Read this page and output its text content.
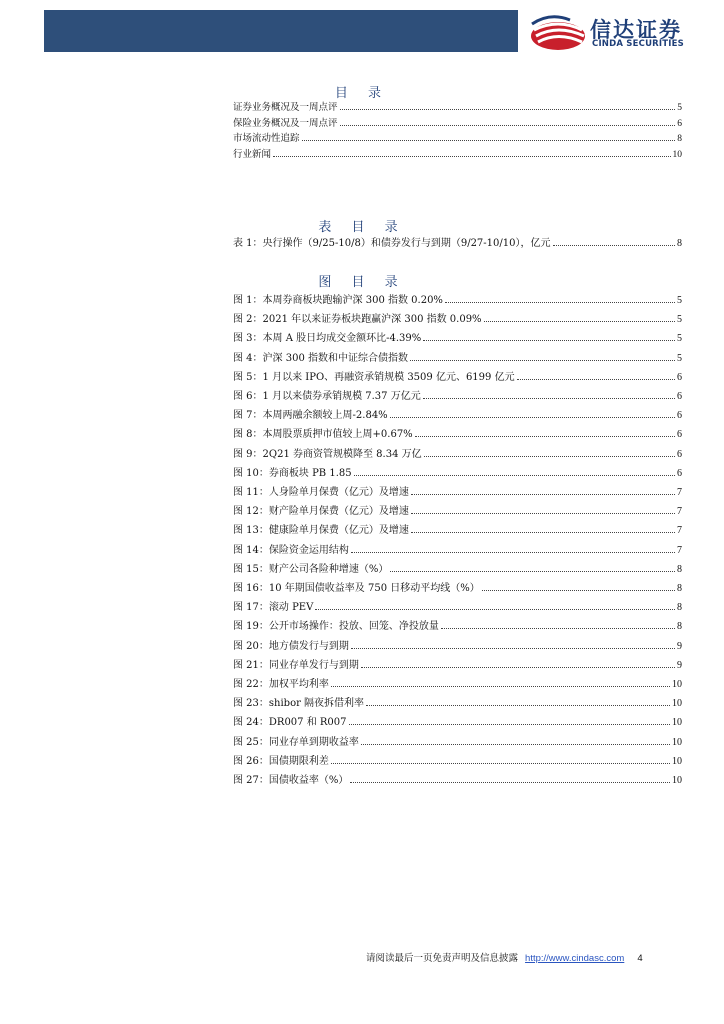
信达证券
CINDA SECURITIES
目 录
证券业务概况及一周点评	5
保险业务概况及一周点评	6
市场流动性追踪	8
行业新闻	10
表 目 录
表 1：央行操作（9/25-10/8）和债券发行与到期（9/27-10/10），亿元	8
图 目 录
图 1：本周券商板块跑输沪深 300 指数 0.20%	5
图 2：2021 年以来证券板块跑赢沪深 300 指数 0.09%	5
图 3：本周 A 股日均成交金额环比-4.39%	5
图 4：沪深 300 指数和中证综合债指数	5
图 5：1 月以来 IPO、再融资承销规模 3509 亿元、6199 亿元	6
图 6：1 月以来债券承销规模 7.37 万亿元	6
图 7：本周两融余额较上周-2.84%	6
图 8：本周股票质押市值较上周+0.67%	6
图 9：2Q21 券商资管规模降至 8.34 万亿	6
图 10：券商板块 PB 1.85	6
图 11：人身险单月保费（亿元）及增速	7
图 12：财产险单月保费（亿元）及增速	7
图 13：健康险单月保费（亿元）及增速	7
图 14：保险资金运用结构	7
图 15：财产公司各险种增速（%）	8
图 16：10 年期国债收益率及 750 日移动平均线（%）	8
图 17：滚动 PEV	8
图 19：公开市场操作：投放、回笼、净投放量	8
图 20：地方债发行与到期	9
图 21：同业存单发行与到期	9
图 22：加权平均利率	10
图 23：shibor 隔夜拆借利率	10
图 24：DR007 和 R007	10
图 25：同业存单到期收益率	10
图 26：国债期限利差	10
图 27：国债收益率（%）	10
请阅读最后一页免责声明及信息披露 http://www.cindasc.com 4
